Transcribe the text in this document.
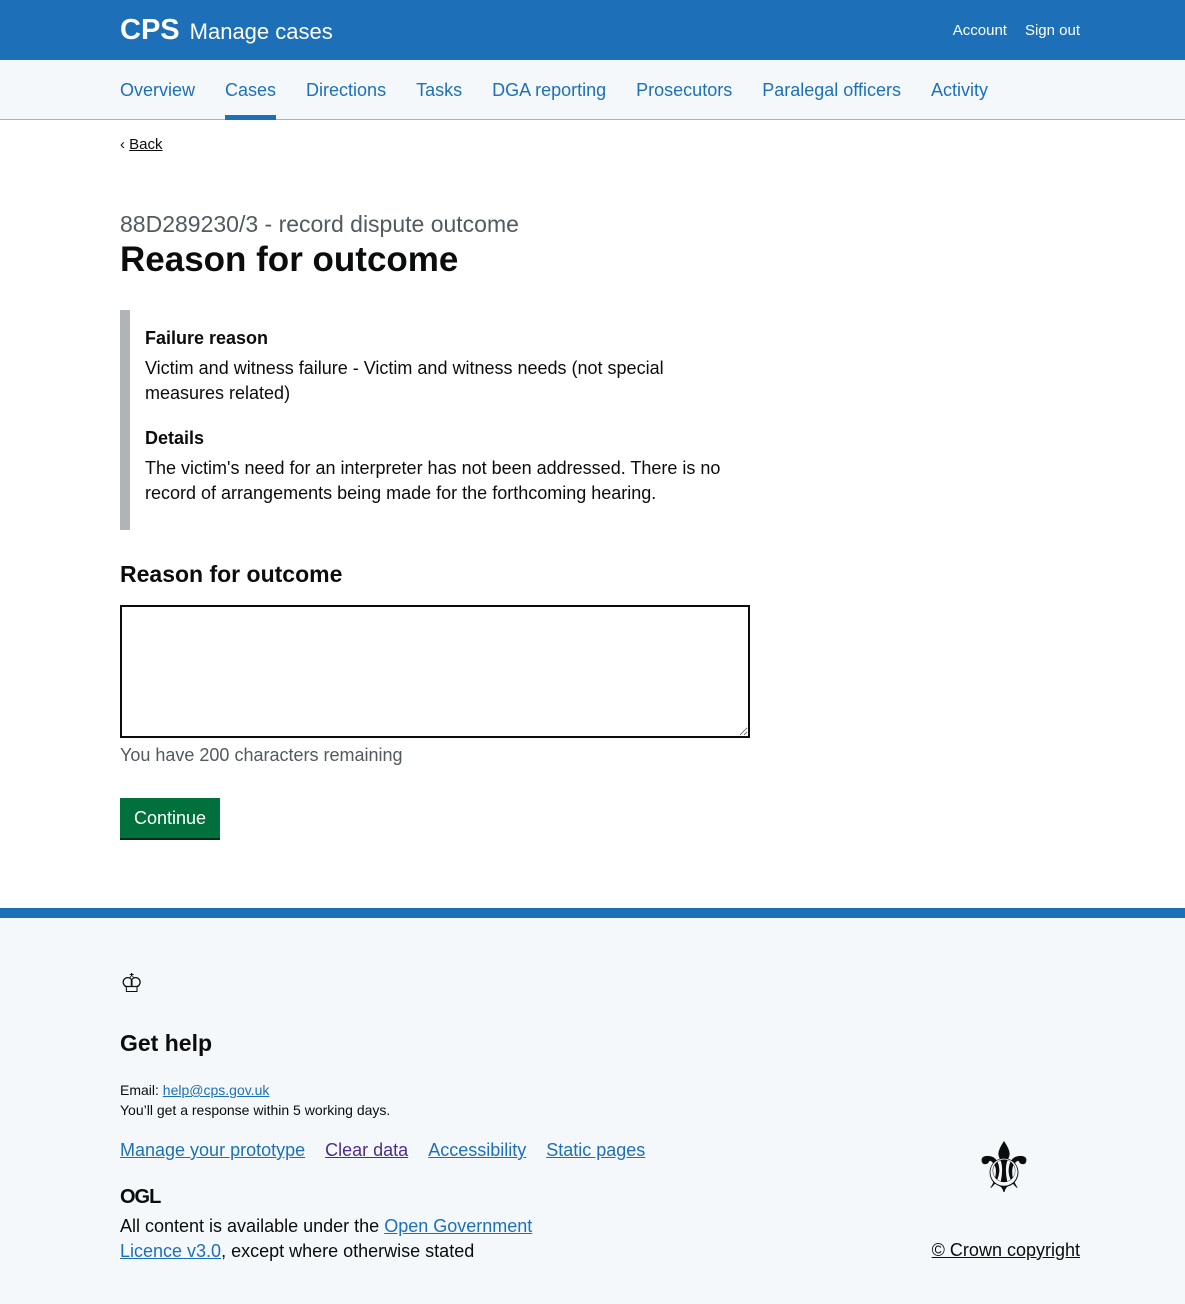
CPS Manage cases	Account Sign out
Overview Cases Directions Tasks DGA reporting Prosecutors Paralegal officers Activity
‹ Back
88D289230/3 - record dispute outcome
Reason for outcome
Failure reason

Victim and witness failure - Victim and witness needs (not special measures related)

Details

The victim's need for an interpreter has not been addressed. There is no record of arrangements being made for the forthcoming hearing.

Reason for outcome
You have 200 characters remaining
Continue
♔
Get help
Email: help@cps.gov.uk
You’ll get a response within 5 working days.
Manage your prototype Clear data Accessibility Static pages
OGL
All content is available under the Open Government Licence v3.0, except where otherwise stated
⚜
© Crown copyright
